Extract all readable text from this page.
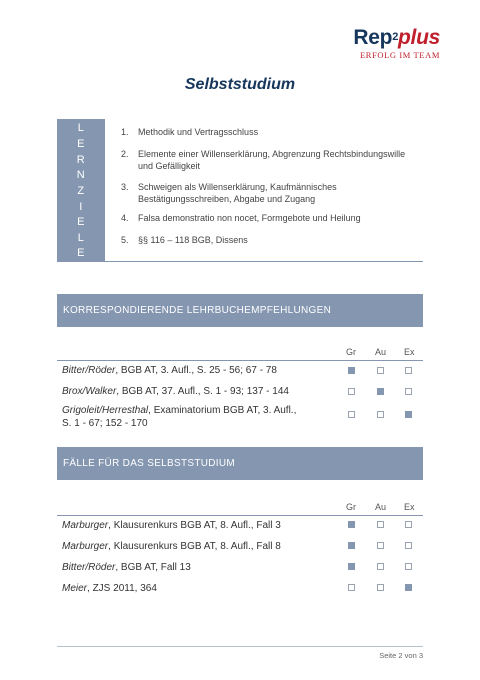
Rep$^2$plus
ERFOLG IM TEAM
Selbststudium
L
E
R
N
Z
I
E
L
E
1. Methodik und Vertragsschluss
2. Elemente einer Willenserklärung, Abgrenzung Rechtsbindungswille und Gefälligkeit
3. Schweigen als Willenserklärung, Kaufmännisches Bestätigungsschreiben, Abgabe und Zugang
4. Falsa demonstratio non nocet, Formgebote und Heilung
5. §§ 116 – 118 BGB, Dissens
KORRESPONDIERENDE LEHRBUCHEMPFEHLUNGEN
Gr Au Ex
Bitter/Röder, BGB AT, 3. Aufl., S. 25 - 56; 67 - 78
Brox/Walker, BGB AT, 37. Aufl., S. 1 - 93; 137 - 144
Grigoleit/Herresthal, Examinatorium BGB AT, 3. Aufl., S. 1 - 67; 152 - 170
FÄLLE FÜR DAS SELBSTSTUDIUM
Gr Au Ex
Marburger, Klausurenkurs BGB AT, 8. Aufl., Fall 3
Marburger, Klausurenkurs BGB AT, 8. Aufl., Fall 8
Bitter/Röder, BGB AT, Fall 13
Meier, ZJS 2011, 364
Seite 2 von 3
